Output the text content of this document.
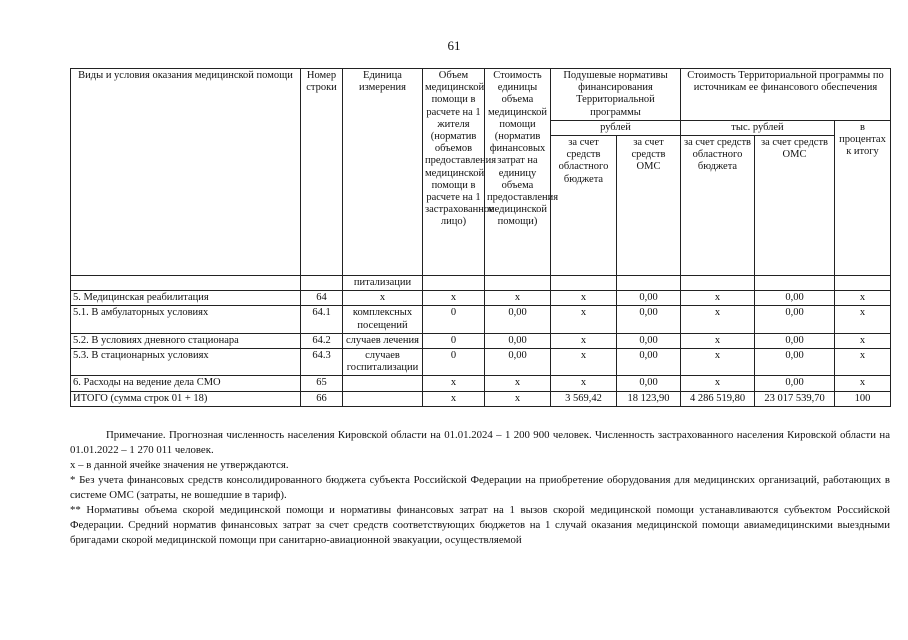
61
Виды и условия оказания медицинской помощи	Номер строки	Единица измерения	Объем медицинской помощи в расчете на 1 жителя (норматив объемов предоставления медицинской помощи в расчете на 1 застрахованное лицо)	Стоимость единицы объема медицинской помощи (норматив финансовых затрат на единицу объема предоставления медицинской помощи)	Подушевые нормативы финансирования Территориальной программы		Стоимость Территориальной программы по источникам ее финансового обеспечения		
					рублей		тыс. рублей		в процентах к итогу
					за счет средств областного бюджета	за счет средств ОМС	за счет средств областного бюджета	за счет средств ОМС	
		питализации							
5. Медицинская реабилитация	64	х	х	х	х	0,00	х	0,00	х
5.1. В амбулаторных условиях	64.1	комплексных посещений	0	0,00	х	0,00	х	0,00	х
5.2. В условиях дневного стационара	64.2	случаев лечения	0	0,00	х	0,00	х	0,00	х
5.3. В стационарных условиях	64.3	случаев госпитализации	0	0,00	х	0,00	х	0,00	х
6. Расходы на ведение дела СМО	65		х	х	х	0,00	х	0,00	х
ИТОГО (сумма строк 01 + 18)	66		х	х	3 569,42	18 123,90	4 286 519,80	23 017 539,70	100

Примечание. Прогнозная численность населения Кировской области на 01.01.2024 – 1 200 900 человек. Численность застрахованного населения Кировской области на 01.01.2022 – 1 270 011 человек.

х – в данной ячейке значения не утверждаются.

* Без учета финансовых средств консолидированного бюджета субъекта Российской Федерации на приобретение оборудования для медицинских организаций, работающих в системе ОМС (затраты, не вошедшие в тариф).

** Нормативы объема скорой медицинской помощи и нормативы финансовых затрат на 1 вызов скорой медицинской помощи устанавливаются субъектом Российской Федерации. Средний норматив финансовых затрат за счет средств соответствующих бюджетов на 1 случай оказания медицинской помощи авиамедицинскими выездными бригадами скорой медицинской помощи при санитарно-авиационной эвакуации, осуществляемой
